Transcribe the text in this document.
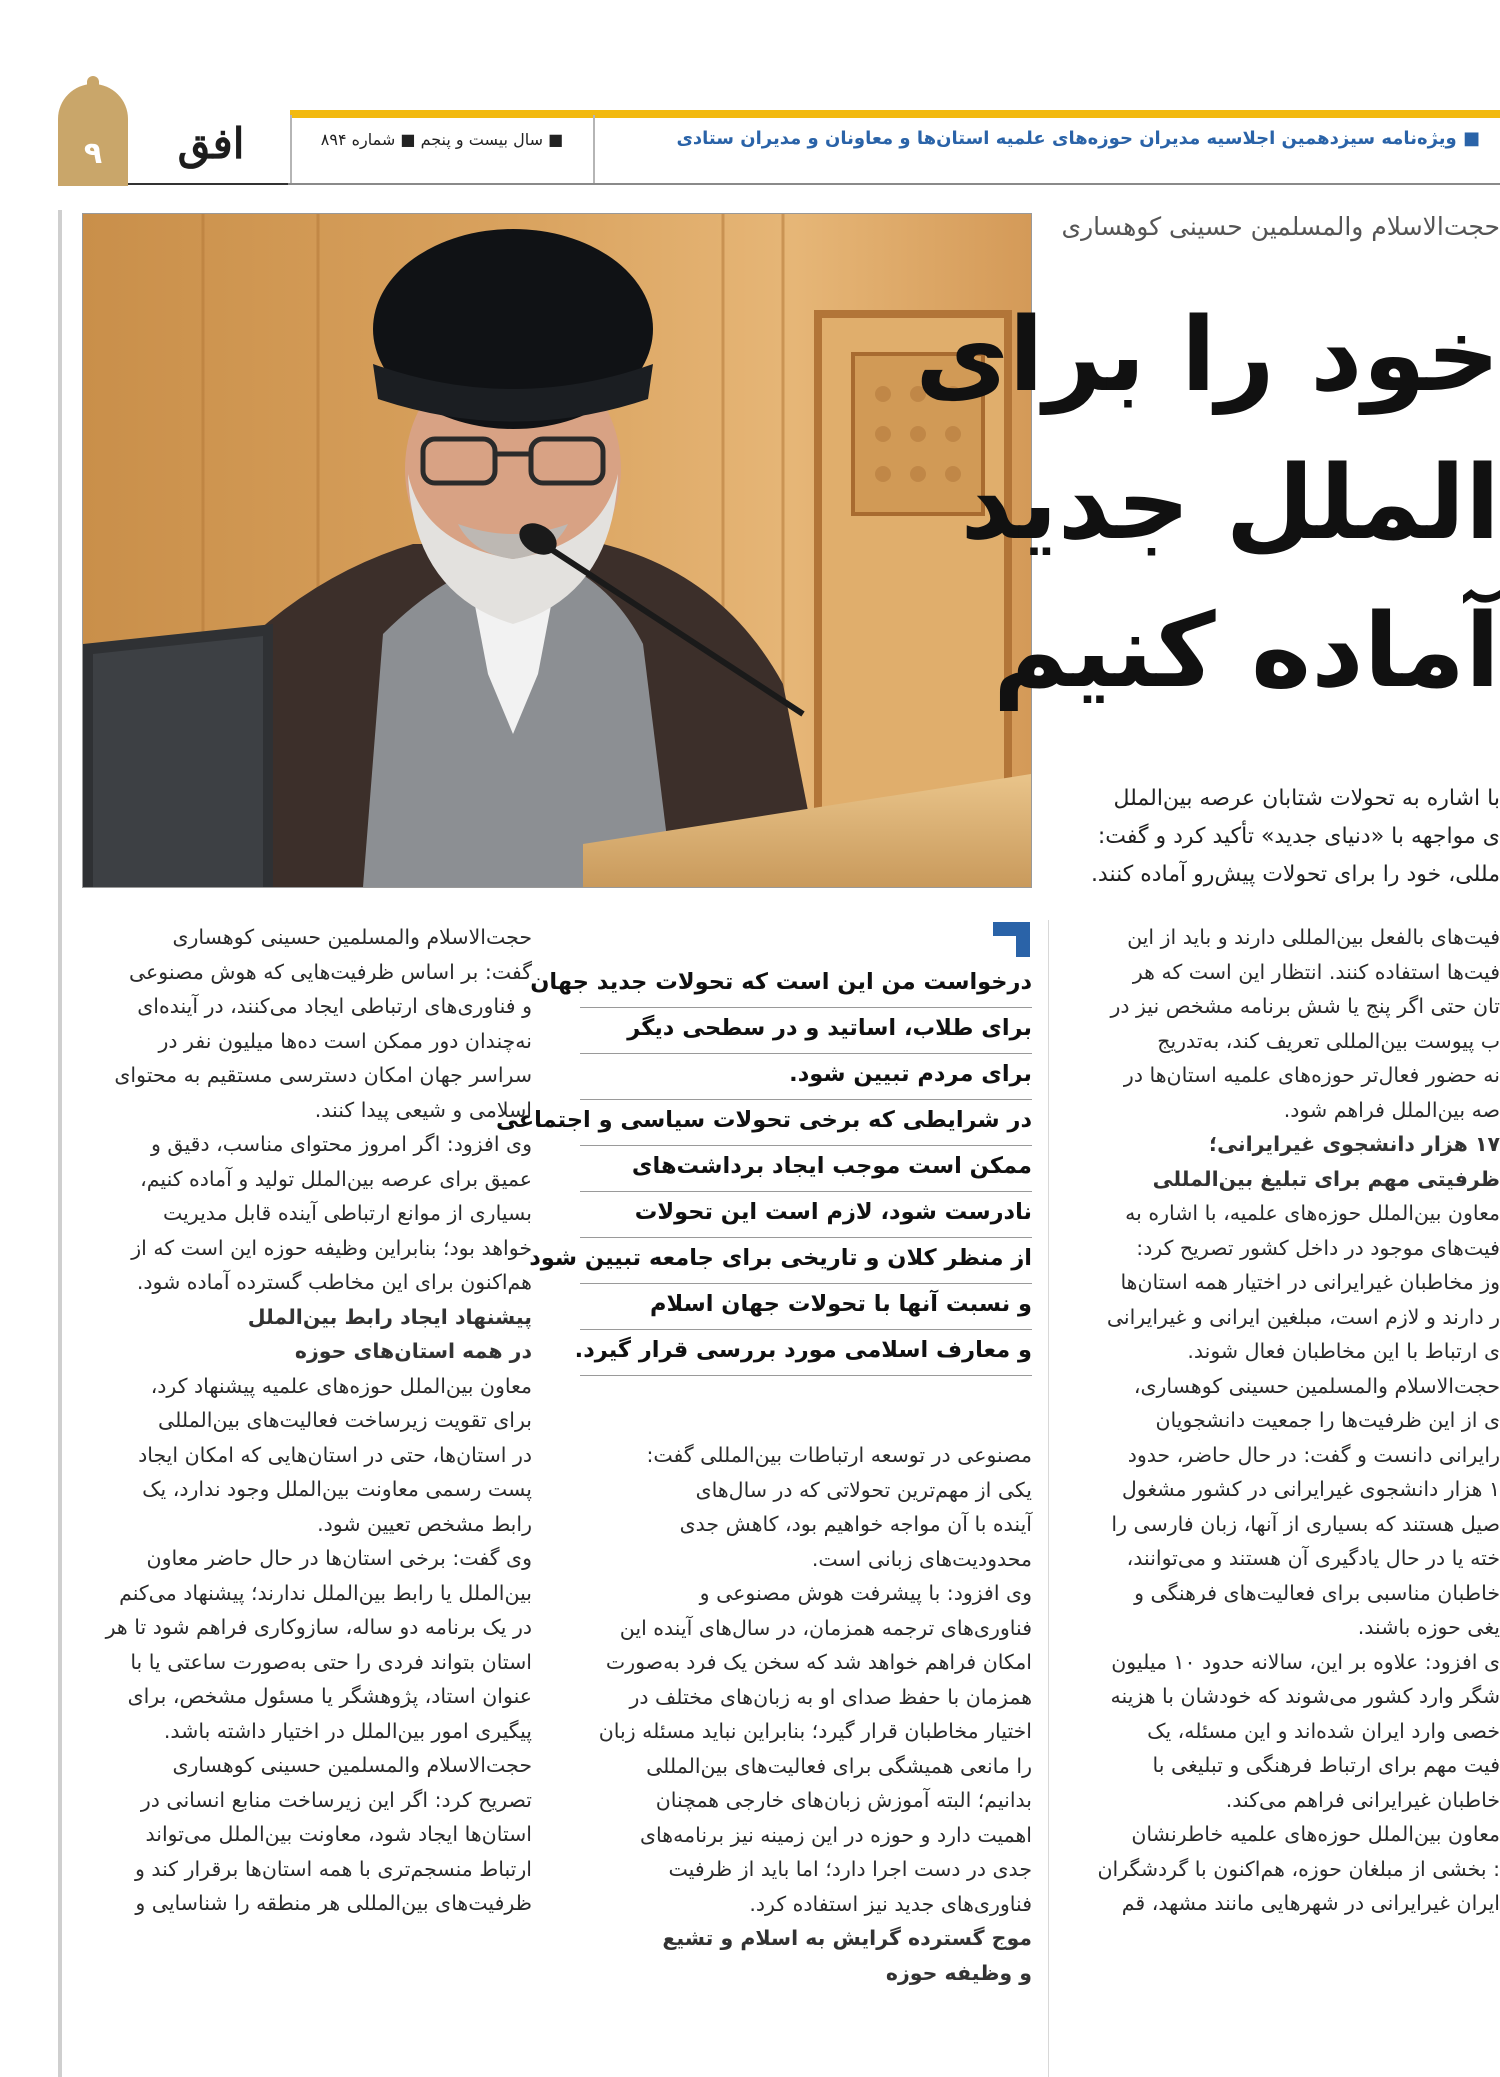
۹	افق	■ سال بیست و پنجم ■ شماره ۸۹۴	■ ویژه‌نامه سیزدهمین اجلاسیه مدیران حوزه‌های علمیه استان‌ها و معاونان و مدیران ستادی
حجت‌الاسلام والمسلمین حسینی کوهساری
خود را برای
الملل جدید
آماده کنیم
با اشاره به تحولات شتابان عرصه بین‌الملل
ی مواجهه با «دنیای جدید» تأکید کرد و گفت:
مللی، خود را برای تحولات پیش‌رو آماده کنند.

فیت‌های بالفعل بین‌المللی دارند و باید از این

فیت‌ها استفاده کنند. انتظار این است که هر

تان حتی اگر پنج یا شش برنامه مشخص نیز در

ب پیوست بین‌المللی تعریف کند، به‌تدریج

نه حضور فعال‌تر حوزه‌های علمیه استان‌ها در

صه بین‌الملل فراهم شود.

۱۷ هزار دانشجوی غیرایرانی؛

ظرفیتی مهم برای تبلیغ بین‌المللی

معاون بین‌الملل حوزه‌های علمیه، با اشاره به

فیت‌های موجود در داخل کشور تصریح کرد:

وز مخاطبان غیرایرانی در اختیار همه استان‌ها

ر دارند و لازم است، مبلغین ایرانی و غیرایرانی

ی ارتباط با این مخاطبان فعال شوند.

حجت‌الاسلام والمسلمین حسینی کوهساری،

ی از این ظرفیت‌ها را جمعیت دانشجویان

رایرانی دانست و گفت: در حال حاضر، حدود

۱ هزار دانشجوی غیرایرانی در کشور مشغول

صیل هستند که بسیاری از آنها، زبان فارسی را

خته یا در حال یادگیری آن هستند و می‌توانند،

خاطبان مناسبی برای فعالیت‌های فرهنگی و

یغی حوزه باشند.

ی افزود: علاوه بر این، سالانه حدود ۱۰ میلیون

شگر وارد کشور می‌شوند که خودشان با هزینه

خصی وارد ایران شده‌اند و این مسئله، یک

فیت مهم برای ارتباط فرهنگی و تبلیغی با

خاطبان غیرایرانی فراهم می‌کند.

معاون بین‌الملل حوزه‌های علمیه خاطرنشان

: بخشی از مبلغان حوزه، هم‌اکنون با گردشگران

ایران غیرایرانی در شهرهایی مانند مشهد، قم

درخواست من این است که تحولات جدید جهان
برای طلاب، اساتید و در سطحی دیگر
برای مردم تبیین شود.
در شرایطی که برخی تحولات سیاسی و اجتماعی
ممکن است موجب ایجاد برداشت‌های
نادرست شود، لازم است این تحولات
از منظر کلان و تاریخی برای جامعه تبیین شود
و نسبت آنها با تحولات جهان اسلام
و معارف اسلامی مورد بررسی قرار گیرد.

مصنوعی در توسعه ارتباطات بین‌المللی گفت:

یکی از مهم‌ترین تحولاتی که در سال‌های

آینده با آن مواجه خواهیم بود، کاهش جدی

محدودیت‌های زبانی است.

وی افزود: با پیشرفت هوش مصنوعی و

فناوری‌های ترجمه همزمان، در سال‌های آینده این

امکان فراهم خواهد شد که سخن یک فرد به‌صورت

همزمان با حفظ صدای او به زبان‌های مختلف در

اختیار مخاطبان قرار گیرد؛ بنابراین نباید مسئله زبان

را مانعی همیشگی برای فعالیت‌های بین‌المللی

بدانیم؛ البته آموزش زبان‌های خارجی همچنان

اهمیت دارد و حوزه در این زمینه نیز برنامه‌های

جدی در دست اجرا دارد؛ اما باید از ظرفیت

فناوری‌های جدید نیز استفاده کرد.

موج گسترده گرایش به اسلام و تشیع

و وظیفه حوزه

حجت‌الاسلام والمسلمین حسینی کوهساری

گفت: بر اساس ظرفیت‌هایی که هوش مصنوعی

و فناوری‌های ارتباطی ایجاد می‌کنند، در آینده‌ای

نه‌چندان دور ممکن است ده‌ها میلیون نفر در

سراسر جهان امکان دسترسی مستقیم به محتوای

اسلامی و شیعی پیدا کنند.

وی افزود: اگر امروز محتوای مناسب، دقیق و

عمیق برای عرصه بین‌الملل تولید و آماده کنیم،

بسیاری از موانع ارتباطی آینده قابل مدیریت

خواهد بود؛ بنابراین وظیفه حوزه این است که از

هم‌اکنون برای این مخاطب گسترده آماده شود.

پیشنهاد ایجاد رابط بین‌الملل

در همه استان‌های حوزه

معاون بین‌الملل حوزه‌های علمیه پیشنهاد کرد،

برای تقویت زیرساخت فعالیت‌های بین‌المللی

در استان‌ها، حتی در استان‌هایی که امکان ایجاد

پست رسمی معاونت بین‌الملل وجود ندارد، یک

رابط مشخص تعیین شود.

وی گفت: برخی استان‌ها در حال حاضر معاون

بین‌الملل یا رابط بین‌الملل ندارند؛ پیشنهاد می‌کنم

در یک برنامه دو ساله، سازوکاری فراهم شود تا هر

استان بتواند فردی را حتی به‌صورت ساعتی یا با

عنوان استاد، پژوهشگر یا مسئول مشخص، برای

پیگیری امور بین‌الملل در اختیار داشته باشد.

حجت‌الاسلام والمسلمین حسینی کوهساری

تصریح کرد: اگر این زیرساخت منابع انسانی در

استان‌ها ایجاد شود، معاونت بین‌الملل می‌تواند

ارتباط منسجم‌تری با همه استان‌ها برقرار کند و

ظرفیت‌های بین‌المللی هر منطقه را شناسایی و
